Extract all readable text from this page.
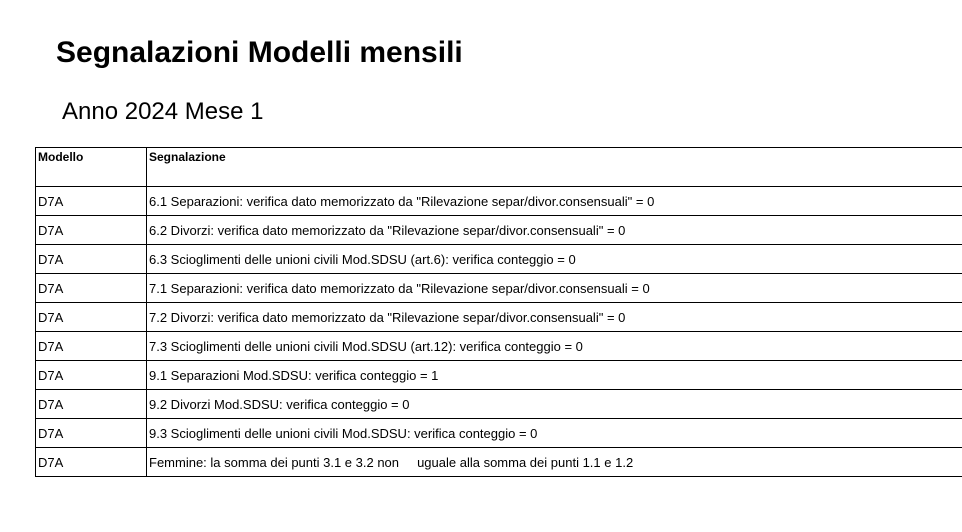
Segnalazioni Modelli mensili
Anno 2024 Mese 1
Modello	Segnalazione
D7A	6.1 Separazioni: verifica dato memorizzato da "Rilevazione separ/divor.consensuali" = 0
D7A	6.2 Divorzi: verifica dato memorizzato da "Rilevazione separ/divor.consensuali" = 0
D7A	6.3 Scioglimenti delle unioni civili Mod.SDSU (art.6): verifica conteggio = 0
D7A	7.1 Separazioni: verifica dato memorizzato da "Rilevazione separ/divor.consensuali = 0
D7A	7.2 Divorzi: verifica dato memorizzato da "Rilevazione separ/divor.consensuali" = 0
D7A	7.3 Scioglimenti delle unioni civili Mod.SDSU (art.12): verifica conteggio = 0
D7A	9.1 Separazioni Mod.SDSU: verifica conteggio = 1
D7A	9.2 Divorzi Mod.SDSU: verifica conteggio = 0
D7A	9.3 Scioglimenti delle unioni civili Mod.SDSU: verifica conteggio = 0
D7A	Femmine: la somma dei punti 3.1 e 3.2 non     uguale alla somma dei punti 1.1 e 1.2
